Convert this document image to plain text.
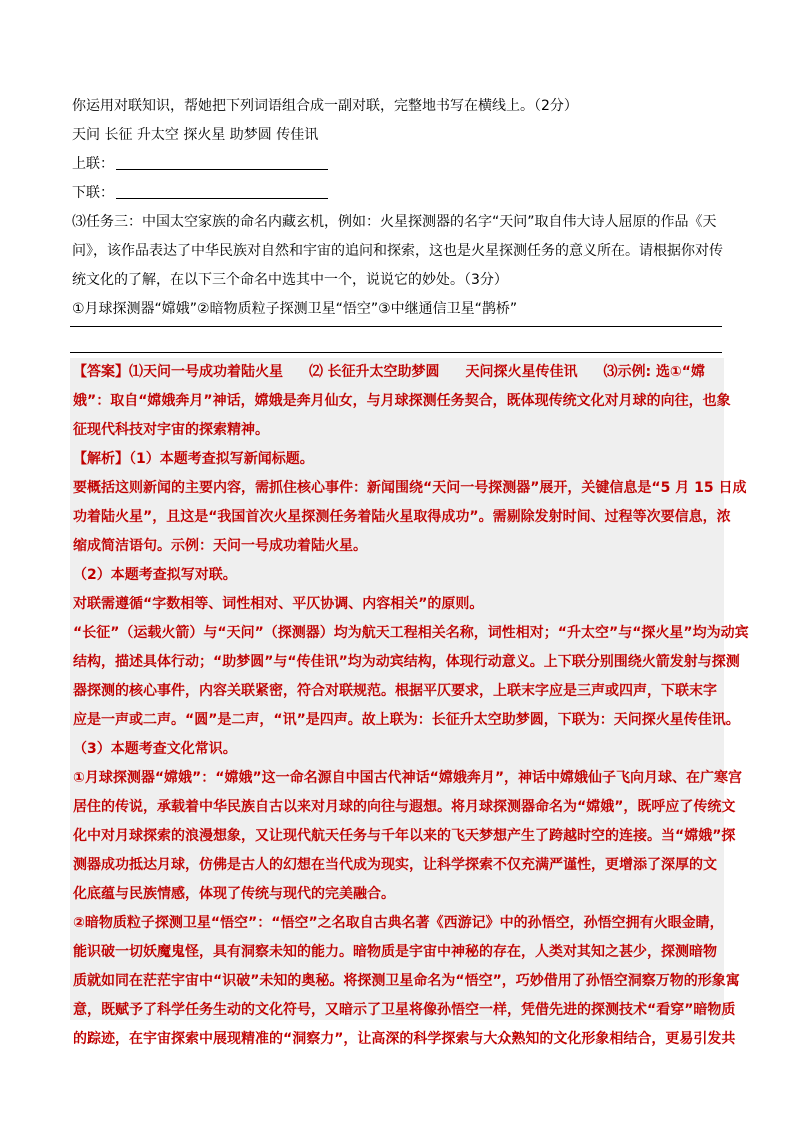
你运用对联知识，帮她把下列词语组合成一副对联，完整地书写在横线上。（2分）
天问 长征 升太空 探火星 助梦圆 传佳讯
上联：
下联：
⑶任务三：中国太空家族的命名内藏玄机，例如：火星探测器的名字“天问”取自伟大诗人屈原的作品《天
问》，该作品表达了中华民族对自然和宇宙的追问和探索，这也是火星探测任务的意义所在。请根据你对传
统文化的了解，在以下三个命名中选其中一个，说说它的妙处。（3分）
①月球探测器“嫦娥”②暗物质粒子探测卫星“悟空”③中继通信卫星“鹊桥”
【答案】⑴天问一号成功着陆火星 ⑵ 长征升太空助梦圆 天问探火星传佳讯 ⑶示例: 选①“嫦
娥”：取自“嫦娥奔月”神话，嫦娥是奔月仙女，与月球探测任务契合，既体现传统文化对月球的向往，也象
征现代科技对宇宙的探索精神。
【解析】（1）本题考查拟写新闻标题。
要概括这则新闻的主要内容，需抓住核心事件：新闻围绕“天问一号探测器”展开，关键信息是“5 月 15 日成
功着陆火星”，且这是“我国首次火星探测任务着陆火星取得成功”。需剔除发射时间、过程等次要信息，浓
缩成简洁语句。示例：天问一号成功着陆火星。
（2）本题考查拟写对联。
对联需遵循“字数相等、词性相对、平仄协调、内容相关”的原则。
“长征”（运载火箭）与“天问”（探测器）均为航天工程相关名称，词性相对；“升太空”与“探火星”均为动宾
结构，描述具体行动；“助梦圆”与“传佳讯”均为动宾结构，体现行动意义。上下联分别围绕火箭发射与探测
器探测的核心事件，内容关联紧密，符合对联规范。根据平仄要求，上联末字应是三声或四声，下联末字
应是一声或二声。“圆”是二声，“讯”是四声。故上联为：长征升太空助梦圆，下联为：天问探火星传佳讯。
（3）本题考查文化常识。
①月球探测器“嫦娥”：“嫦娥”这一命名源自中国古代神话“嫦娥奔月”，神话中嫦娥仙子飞向月球、在广寒宫
居住的传说，承载着中华民族自古以来对月球的向往与遐想。将月球探测器命名为“嫦娥”，既呼应了传统文
化中对月球探索的浪漫想象，又让现代航天任务与千年以来的飞天梦想产生了跨越时空的连接。当“嫦娥”探
测器成功抵达月球，仿佛是古人的幻想在当代成为现实，让科学探索不仅充满严谨性，更增添了深厚的文
化底蕴与民族情感，体现了传统与现代的完美融合。
②暗物质粒子探测卫星“悟空”：“悟空”之名取自古典名著《西游记》中的孙悟空，孙悟空拥有火眼金睛，
能识破一切妖魔鬼怪，具有洞察未知的能力。暗物质是宇宙中神秘的存在，人类对其知之甚少，探测暗物
质就如同在茫茫宇宙中“识破”未知的奥秘。将探测卫星命名为“悟空”，巧妙借用了孙悟空洞察万物的形象寓
意，既赋予了科学任务生动的文化符号，又暗示了卫星将像孙悟空一样，凭借先进的探测技术“看穿”暗物质
的踪迹，在宇宙探索中展现精准的“洞察力”，让高深的科学探索与大众熟知的文化形象相结合，更易引发共
